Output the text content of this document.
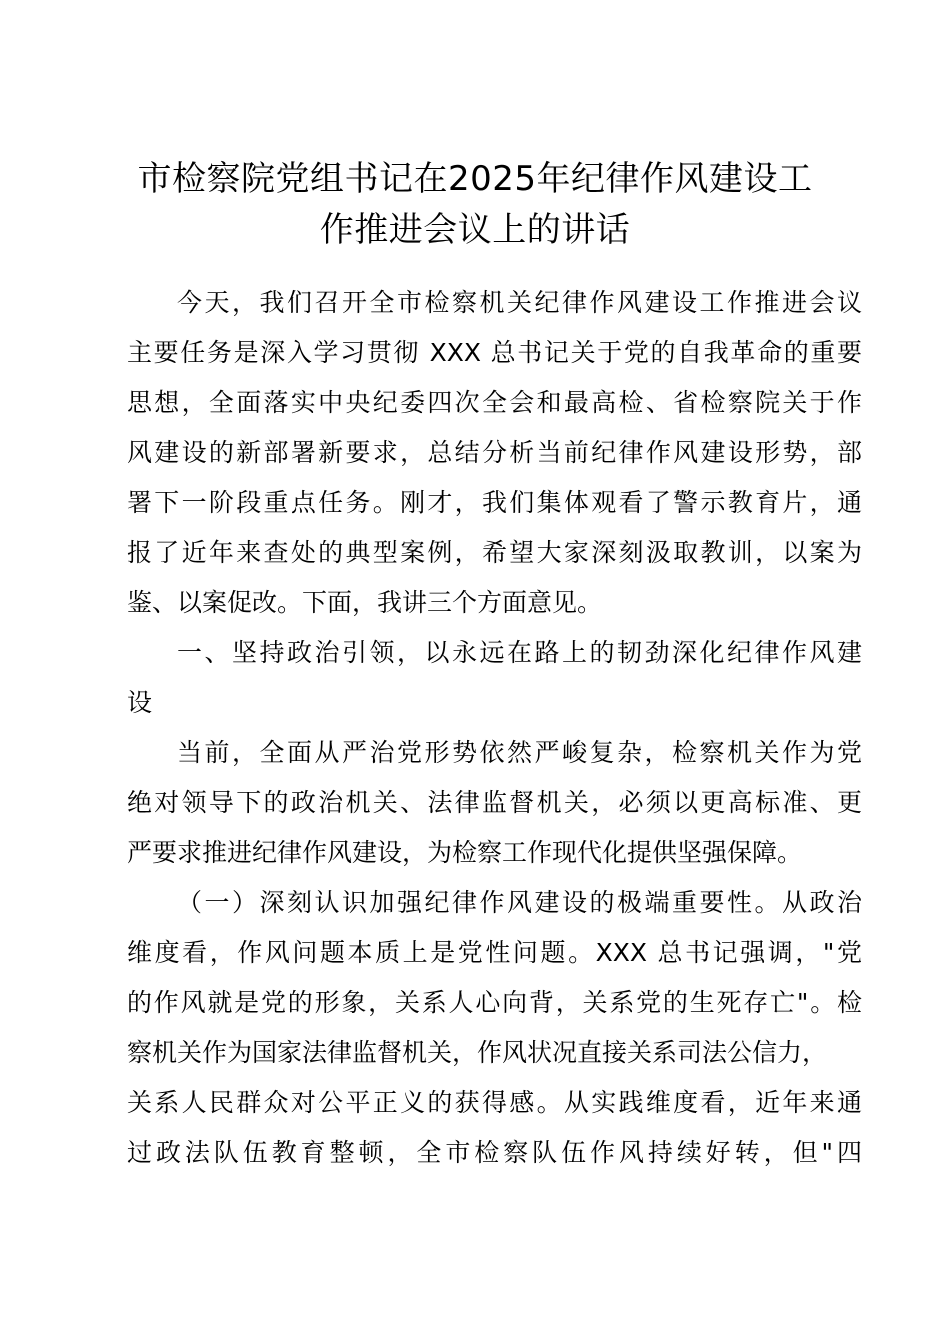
市检察院党组书记在2025年纪律作风建设工
作推进会议上的讲话
今天，我们召开全市检察机关纪律作风建设工作推进会议
主要任务是深入学习贯彻 XXX 总书记关于党的自我革命的重要
思想，全面落实中央纪委四次全会和最高检、省检察院关于作
风建设的新部署新要求，总结分析当前纪律作风建设形势，部
署下一阶段重点任务。刚才，我们集体观看了警示教育片，通
报了近年来查处的典型案例，希望大家深刻汲取教训，以案为
鉴、以案促改。下面，我讲三个方面意见。
一、坚持政治引领，以永远在路上的韧劲深化纪律作风建
设
当前，全面从严治党形势依然严峻复杂，检察机关作为党
绝对领导下的政治机关、法律监督机关，必须以更高标准、更
严要求推进纪律作风建设，为检察工作现代化提供坚强保障。
（一）深刻认识加强纪律作风建设的极端重要性。从政治
维度看，作风问题本质上是党性问题。XXX 总书记强调，"党
的作风就是党的形象，关系人心向背，关系党的生死存亡"。检
察机关作为国家法律监督机关，作风状况直接关系司法公信力，
关系人民群众对公平正义的获得感。从实践维度看，近年来通
过政法队伍教育整顿，全市检察队伍作风持续好转，但"四
